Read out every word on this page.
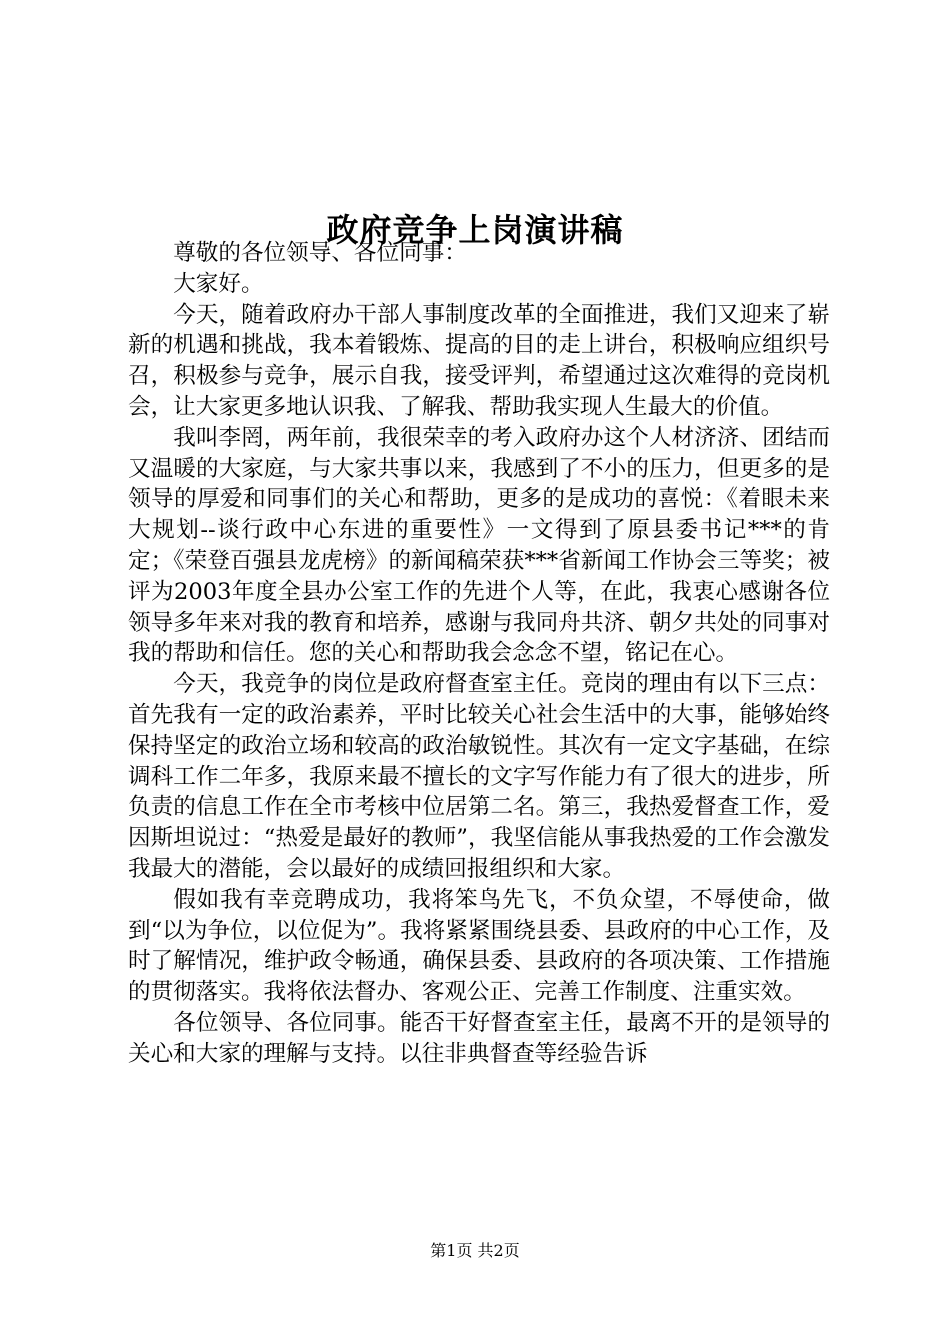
政府竞争上岗演讲稿

尊敬的各位领导、各位同事：

大家好。

今天，随着政府办干部人事制度改革的全面推进，我们又迎来了崭新的机遇和挑战，我本着锻炼、提高的目的走上讲台，积极响应组织号召，积极参与竞争，展示自我，接受评判，希望通过这次难得的竞岗机会，让大家更多地认识我、了解我、帮助我实现人生最大的价值。

我叫李罔，两年前，我很荣幸的考入政府办这个人材济济、团结而又温暖的大家庭，与大家共事以来，我感到了不小的压力，但更多的是领导的厚爱和同事们的关心和帮助，更多的是成功的喜悦：《着眼未来大规划--谈行政中心东进的重要性》一文得到了原县委书记***的肯定；《荣登百强县龙虎榜》的新闻稿荣获***省新闻工作协会三等奖；被评为2003年度全县办公室工作的先进个人等，在此，我衷心感谢各位领导多年来对我的教育和培养，感谢与我同舟共济、朝夕共处的同事对我的帮助和信任。您的关心和帮助我会念念不望，铭记在心。

今天，我竞争的岗位是政府督查室主任。竞岗的理由有以下三点：首先我有一定的政治素养，平时比较关心社会生活中的大事，能够始终保持坚定的政治立场和较高的政治敏锐性。其次有一定文字基础，在综调科工作二年多，我原来最不擅长的文字写作能力有了很大的进步，所负责的信息工作在全市考核中位居第二名。第三，我热爱督查工作，爱因斯坦说过：“热爱是最好的教师”，我坚信能从事我热爱的工作会激发我最大的潜能，会以最好的成绩回报组织和大家。

假如我有幸竞聘成功，我将笨鸟先飞，不负众望，不辱使命，做到“以为争位，以位促为”。我将紧紧围绕县委、县政府的中心工作，及时了解情况，维护政令畅通，确保县委、县政府的各项决策、工作措施的贯彻落实。我将依法督办、客观公正、完善工作制度、注重实效。

各位领导、各位同事。能否干好督查室主任，最离不开的是领导的关心和大家的理解与支持。以往非典督查等经验告诉

第1页 共2页
